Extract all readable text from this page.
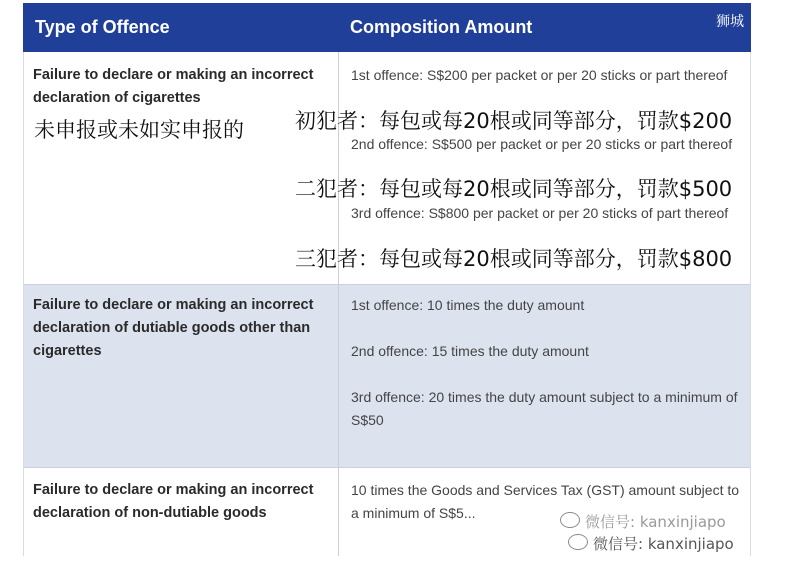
Type of Offence	Composition Amount
Failure to declare or making an incorrect declaration of cigarettes
1st offence: S$200 per packet or per 20 sticks or part thereof
2nd offence: S$500 per packet or per 20 sticks or part thereof
3rd offence: S$800 per packet or per 20 sticks of part thereof
Failure to declare or making an incorrect declaration of dutiable goods other than cigarettes
1st offence: 10 times the duty amount
2nd offence: 15 times the duty amount
3rd offence: 20 times the duty amount subject to a minimum of S$50
Failure to declare or making an incorrect declaration of non-dutiable goods
10 times the Goods and Services Tax (GST) amount subject to a minimum of S$5...
狮城
未申报或未如实申报的 初犯者：每包或每20根或同等部分，罚款$200
二犯者：每包或每20根或同等部分，罚款$500
三犯者：每包或每20根或同等部分，罚款$800
微信号: kanxinjiapo
微信号: kanxinjiapo
